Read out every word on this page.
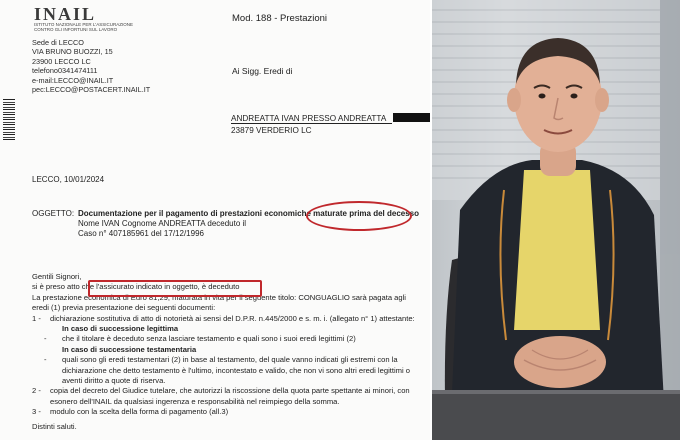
INAIL
ISTITUTO NAZIONALE PER L'ASSICURAZIONE
CONTRO GLI INFORTUNI SUL LAVORO
Sede di LECCO
VIA BRUNO BUOZZI, 15
23900 LECCO LC
telefono0341474111
e-mail:LECCO@INAIL.IT
pec:LECCO@POSTACERT.INAIL.IT
Mod. 188 - Prestazioni
Ai Sigg. Eredi di
ANDREATTA IVAN PRESSO ANDREATTA
23879 VERDERIO LC
LECCO, 10/01/2024
OGGETTO: Documentazione per il pagamento di prestazioni economiche maturate prima del decesso
Nome IVAN Cognome ANDREATTA deceduto il
Caso n° 407185961 del 17/12/1996
Gentili Signori,
si è preso atto che l'assicurato indicato in oggetto, è deceduto
La prestazione economica di Euro 81,29, maturata in vita per il seguente titolo: CONGUAGLIO sarà pagata agli
eredi (1) previa presentazione dei seguenti documenti:
1 - dichiarazione sostitutiva di atto di notorietà ai sensi del D.P.R. n.445/2000 e s. m. i. (allegato n° 1) attestante:
In caso di successione legittima
- che il titolare è deceduto senza lasciare testamento e quali sono i suoi eredi legittimi (2)
In caso di successione testamentaria
- quali sono gli eredi testamentari (2) in base al testamento, del quale vanno indicati gli estremi con la
dichiarazione che detto testamento è l'ultimo, incontestato e valido, che non vi sono altri eredi legittimi o
aventi diritto a quote di riserva.
2 - copia del decreto del Giudice tutelare, che autorizzi la riscossione della quota parte spettante ai minori, con
esonero dell'INAIL da qualsiasi ingerenza e responsabilità nel reimpiego della somma.
3 - modulo con la scelta della forma di pagamento (all.3)
Distinti saluti.
